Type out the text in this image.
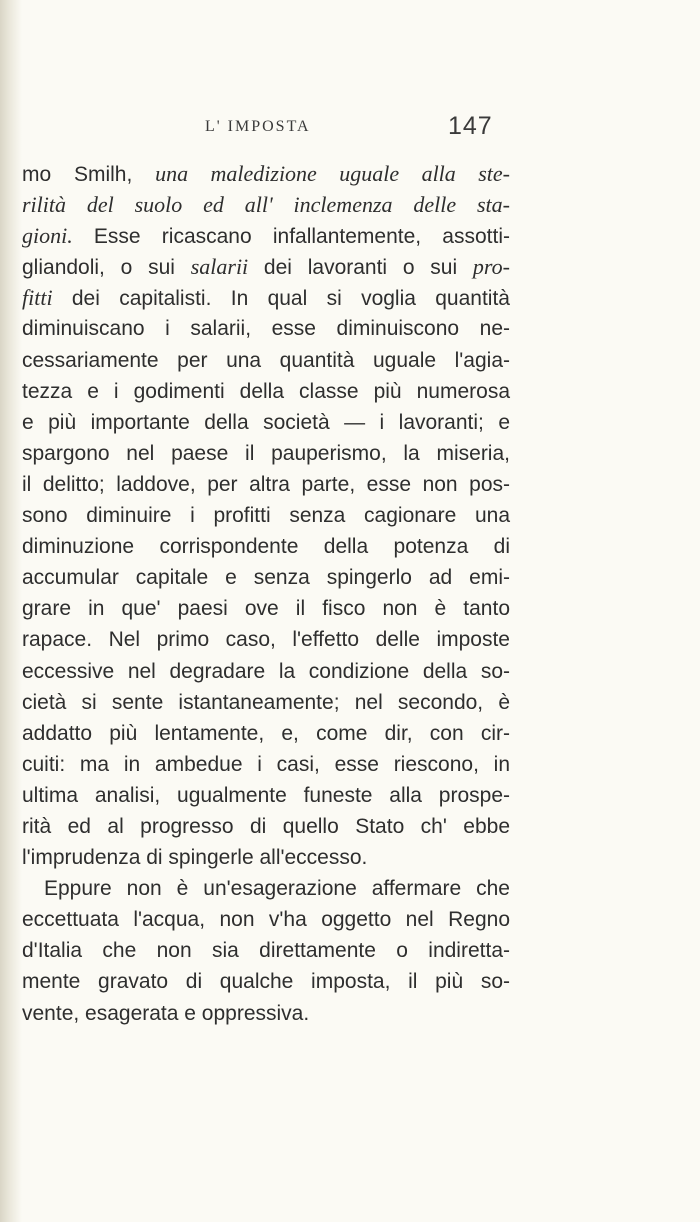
L' IMPOSTA	147
mo Smilh, una maledizione uguale alla ste-
rilità del suolo ed all' inclemenza delle sta-
gioni. Esse ricascano infallantemente, assotti-
gliandoli, o sui salarii dei lavoranti o sui pro-
fitti dei capitalisti. In qual si voglia quantità
diminuiscano i salarii, esse diminuiscono ne-
cessariamente per una quantità uguale l'agia-
tezza e i godimenti della classe più numerosa
e più importante della società — i lavoranti; e
spargono nel paese il pauperismo, la miseria,
il delitto; laddove, per altra parte, esse non pos-
sono diminuire i profitti senza cagionare una
diminuzione corrispondente della potenza di
accumular capitale e senza spingerlo ad emi-
grare in que' paesi ove il fisco non è tanto
rapace. Nel primo caso, l'effetto delle imposte
eccessive nel degradare la condizione della so-
cietà si sente istantaneamente; nel secondo, è
addatto più lentamente, e, come dir, con cir-
cuiti: ma in ambedue i casi, esse riescono, in
ultima analisi, ugualmente funeste alla prospe-
rità ed al progresso di quello Stato ch' ebbe
l'imprudenza di spingerle all'eccesso.
Eppure non è un'esagerazione affermare che
eccettuata l'acqua, non v'ha oggetto nel Regno
d'Italia che non sia direttamente o indiretta-
mente gravato di qualche imposta, il più so-
vente, esagerata e oppressiva.
